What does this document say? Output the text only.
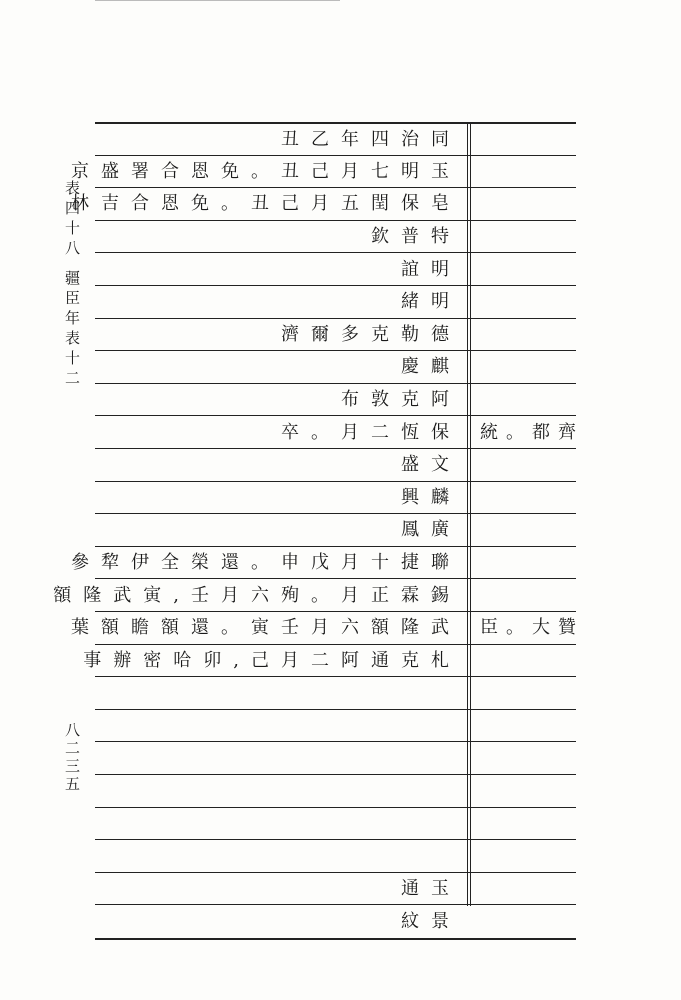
表四十八 疆臣年表十二
八二三五
丑乙年四治同
京盛署合恩免。丑己月七明玉
林吉合恩免。丑己月五閏保皂
欽普特
誼明
緒明
濟爾多克勒德
慶麒
布敦克阿
卒。月二恆保 統。都齊
盛文
興麟
鳳廣
參犂伊全榮還。申戊月十捷聯
額隆武寅,壬月六殉。月正霖錫
葉額瞻額還。寅壬月六額隆武 臣。大贊
事辦密哈卯,己月二阿通克札
通玉
紋景
